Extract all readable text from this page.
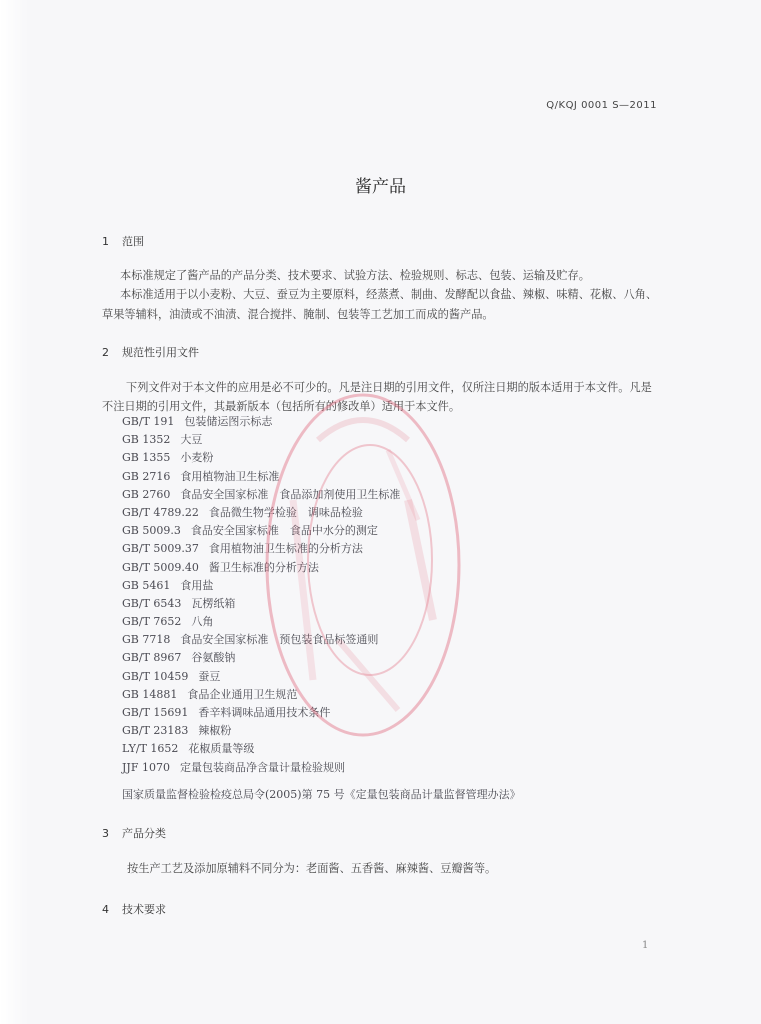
Q/KQJ 0001 S—2011
酱产品
1 范围
本标准规定了酱产品的产品分类、技术要求、试验方法、检验规则、标志、包装、运输及贮存。
本标准适用于以小麦粉、大豆、蚕豆为主要原料，经蒸煮、制曲、发酵配以食盐、辣椒、味精、花椒、八角、草果等辅料，油渍或不油渍、混合搅拌、腌制、包装等工艺加工而成的酱产品。
2 规范性引用文件
下列文件对于本文件的应用是必不可少的。凡是注日期的引用文件，仅所注日期的版本适用于本文件。凡是不注日期的引用文件，其最新版本（包括所有的修改单）适用于本文件。
GB/T 191 包装储运图示标志
GB 1352 大豆
GB 1355 小麦粉
GB 2716 食用植物油卫生标准
GB 2760 食品安全国家标准　食品添加剂使用卫生标准
GB/T 4789.22 食品微生物学检验　调味品检验
GB 5009.3 食品安全国家标准　食品中水分的测定
GB/T 5009.37 食用植物油卫生标准的分析方法
GB/T 5009.40 酱卫生标准的分析方法
GB 5461 食用盐
GB/T 6543 瓦楞纸箱
GB/T 7652 八角
GB 7718 食品安全国家标准　预包装食品标签通则
GB/T 8967 谷氨酸钠
GB/T 10459 蚕豆
GB 14881 食品企业通用卫生规范
GB/T 15691 香辛料调味品通用技术条件
GB/T 23183 辣椒粉
LY/T 1652 花椒质量等级
JJF 1070 定量包装商品净含量计量检验规则
国家质量监督检验检疫总局令(2005)第 75 号《定量包装商品计量监督管理办法》
3 产品分类
按生产工艺及添加原辅料不同分为：老面酱、五香酱、麻辣酱、豆瓣酱等。
4 技术要求
1
